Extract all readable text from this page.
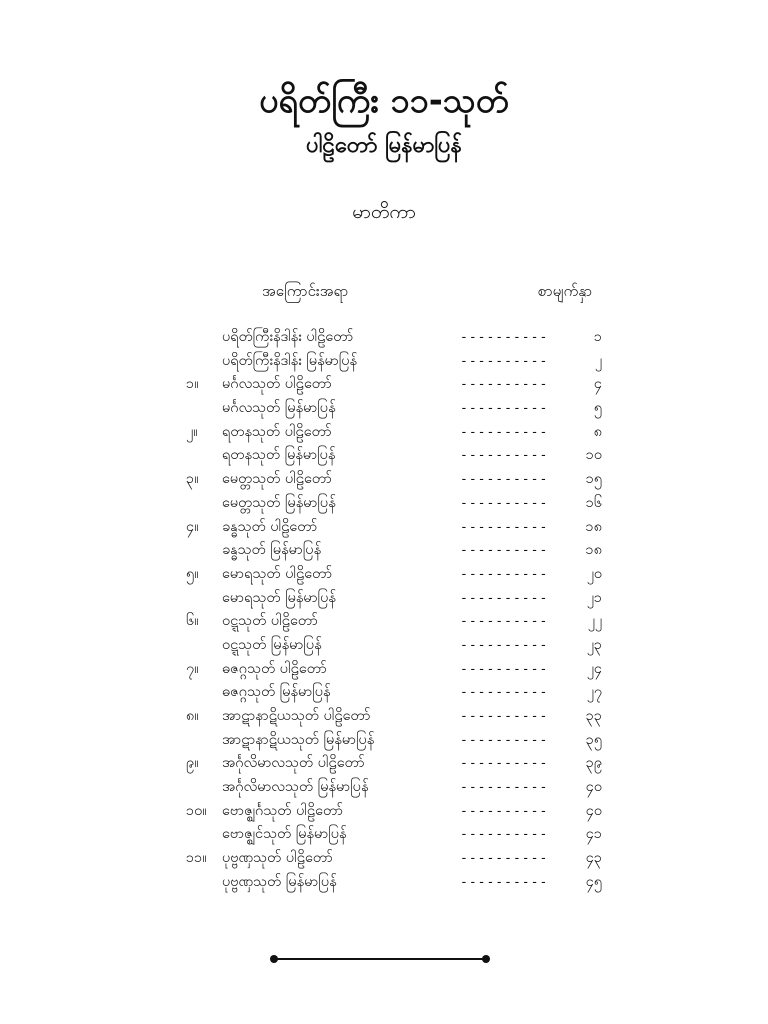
ပရိတ်ကြီး ၁၁-သုတ်
ပါဠိတော် မြန်မာပြန်
မာတိကာ
အကြောင်းအရာ	စာမျက်နှာ
ပရိတ်ကြီးနိဒါန်း ပါဠိတော်	----------	၁
ပရိတ်ကြီးနိဒါန်း မြန်မာပြန်	----------	၂
၁။	မင်္ဂလသုတ် ပါဠိတော်	----------	၄
မင်္ဂလသုတ် မြန်မာပြန်	----------	၅
၂။	ရတနသုတ် ပါဠိတော်	----------	၈
ရတနသုတ် မြန်မာပြန်	----------	၁၀
၃။	မေတ္တသုတ် ပါဠိတော်	----------	၁၅
မေတ္တသုတ် မြန်မာပြန်	----------	၁၆
၄။	ခန္ဓသုတ် ပါဠိတော်	----------	၁၈
ခန္ဓသုတ် မြန်မာပြန်	----------	၁၈
၅။	မောရသုတ် ပါဠိတော်	----------	၂၀
မောရသုတ် မြန်မာပြန်	----------	၂၁
၆။	ဝဋ္ဋသုတ် ပါဠိတော်	----------	၂၂
ဝဋ္ဋသုတ် မြန်မာပြန်	----------	၂၃
၇။	ဓဇဂ္ဂသုတ် ပါဠိတော်	----------	၂၄
ဓဇဂ္ဂသုတ် မြန်မာပြန်	----------	၂၇
၈။	အာဋာနာဋိယသုတ် ပါဠိတော်	----------	၃၃
အာဋာနာဋိယသုတ် မြန်မာပြန်	----------	၃၅
၉။	အင်္ဂုလိမာလသုတ် ပါဠိတော်	----------	၃၉
အင်္ဂုလိမာလသုတ် မြန်မာပြန်	----------	၄၀
၁၀။	ဗောဇ္ဈင်္ဂသုတ် ပါဠိတော်	----------	၄၀
ဗောဇ္ဈင်သုတ် မြန်မာပြန်	----------	၄၁
၁၁။	ပုဗ္ဗဏှသုတ် ပါဠိတော်	----------	၄၃
ပုဗ္ဗဏှသုတ် မြန်မာပြန်	----------	၄၅
